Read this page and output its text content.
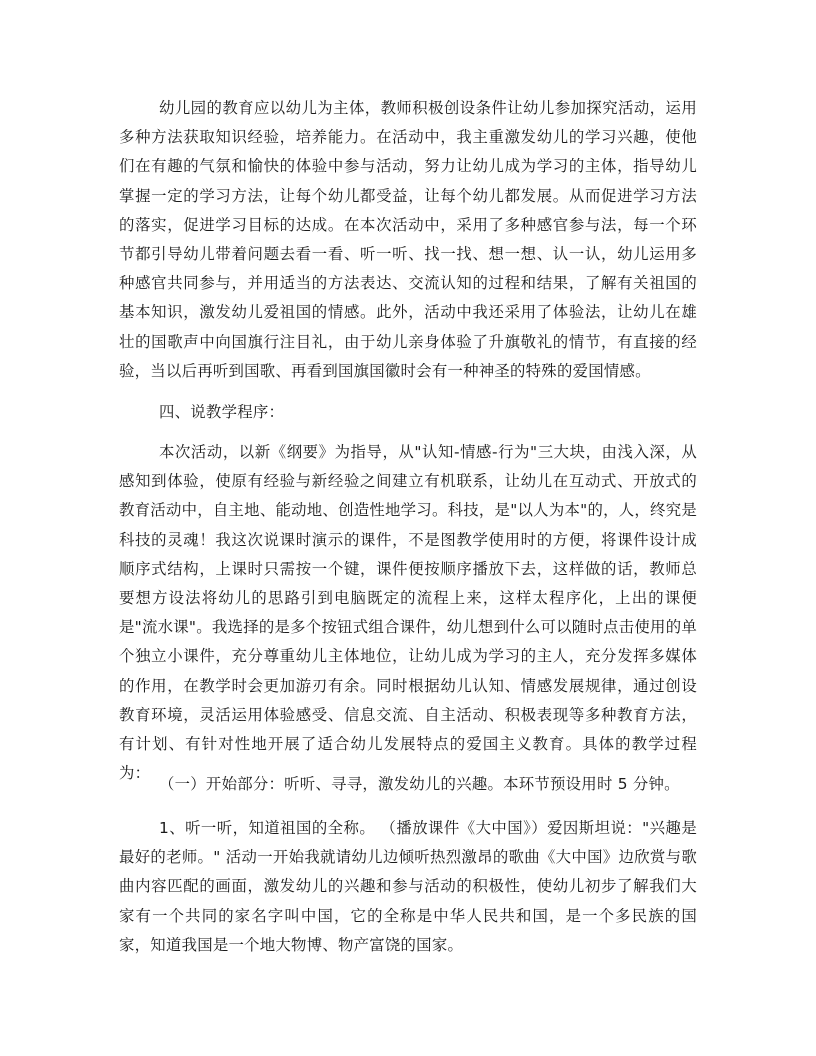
幼儿园的教育应以幼儿为主体，教师积极创设条件让幼儿参加探究活动，运用多种方法获取知识经验，培养能力。在活动中，我主重激发幼儿的学习兴趣，使他们在有趣的气氛和愉快的体验中参与活动，努力让幼儿成为学习的主体，指导幼儿掌握一定的学习方法，让每个幼儿都受益，让每个幼儿都发展。从而促进学习方法的落实，促进学习目标的达成。在本次活动中，采用了多种感官参与法，每一个环节都引导幼儿带着问题去看一看、听一听、找一找、想一想、认一认，幼儿运用多种感官共同参与，并用适当的方法表达、交流认知的过程和结果，了解有关祖国的基本知识，激发幼儿爱祖国的情感。此外，活动中我还采用了体验法，让幼儿在雄壮的国歌声中向国旗行注目礼，由于幼儿亲身体验了升旗敬礼的情节，有直接的经验，当以后再听到国歌、再看到国旗国徽时会有一种神圣的特殊的爱国情感。

四、说教学程序：

本次活动，以新《纲要》为指导，从"认知-情感-行为"三大块，由浅入深，从感知到体验，使原有经验与新经验之间建立有机联系，让幼儿在互动式、开放式的教育活动中，自主地、能动地、创造性地学习。科技，是"以人为本"的，人，终究是科技的灵魂！我这次说课时演示的课件，不是图教学使用时的方便，将课件设计成顺序式结构，上课时只需按一个键，课件便按顺序播放下去，这样做的话，教师总要想方设法将幼儿的思路引到电脑既定的流程上来，这样太程序化，上出的课便是"流水课"。我选择的是多个按钮式组合课件，幼儿想到什么可以随时点击使用的单个独立小课件，充分尊重幼儿主体地位，让幼儿成为学习的主人，充分发挥多媒体的作用，在教学时会更加游刃有余。同时根据幼儿认知、情感发展规律，通过创设教育环境，灵活运用体验感受、信息交流、自主活动、积极表现等多种教育方法，有计划、有针对性地开展了适合幼儿发展特点的爱国主义教育。具体的教学过程为：

（一）开始部分：听听、寻寻，激发幼儿的兴趣。本环节预设用时 5 分钟。

1、听一听，知道祖国的全称。 （播放课件《大中国》）爱因斯坦说："兴趣是最好的老师。" 活动一开始我就请幼儿边倾听热烈激昂的歌曲《大中国》边欣赏与歌曲内容匹配的画面，激发幼儿的兴趣和参与活动的积极性，使幼儿初步了解我们大家有一个共同的家名字叫中国，它的全称是中华人民共和国，是一个多民族的国家，知道我国是一个地大物博、物产富饶的国家。
